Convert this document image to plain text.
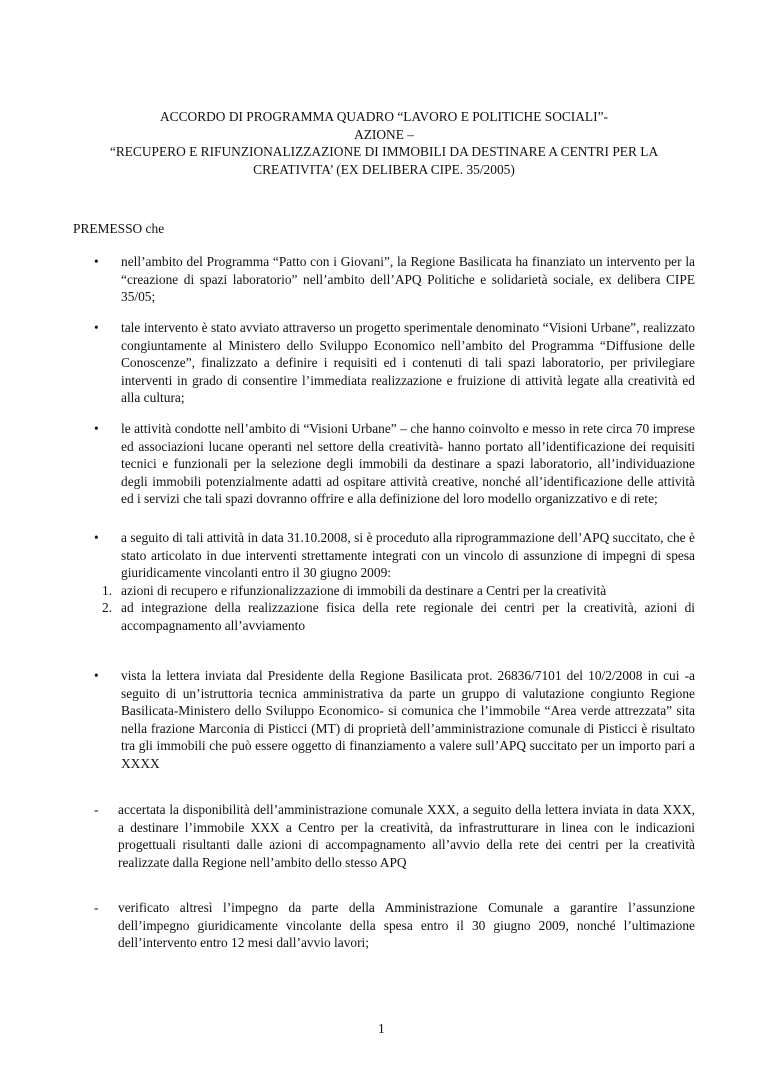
ACCORDO DI PROGRAMMA QUADRO “LAVORO E POLITICHE SOCIALI”-
AZIONE –
“RECUPERO E RIFUNZIONALIZZAZIONE DI IMMOBILI DA DESTINARE A CENTRI PER LA
CREATIVITA’ (EX DELIBERA CIPE. 35/2005)
PREMESSO che
• nell’ambito del Programma “Patto con i Giovani”, la Regione Basilicata ha finanziato un intervento per la “creazione di spazi laboratorio” nell’ambito dell’APQ Politiche e solidarietà sociale, ex delibera CIPE 35/05;
• tale intervento è stato avviato attraverso un progetto sperimentale denominato “Visioni Urbane”, realizzato congiuntamente al Ministero dello Sviluppo Economico nell’ambito del Programma “Diffusione delle Conoscenze”, finalizzato a definire i requisiti ed i contenuti di tali spazi laboratorio, per privilegiare interventi in grado di consentire l’immediata realizzazione e fruizione di attività legate alla creatività ed alla cultura;
• le attività condotte nell’ambito di “Visioni Urbane” – che hanno coinvolto e messo in rete circa 70 imprese ed associazioni lucane operanti nel settore della creatività- hanno portato all’identificazione dei requisiti tecnici e funzionali per la selezione degli immobili da destinare a spazi laboratorio, all’individuazione degli immobili potenzialmente adatti ad ospitare attività creative, nonché all’identificazione delle attività ed i servizi che tali spazi dovranno offrire e alla definizione del loro modello organizzativo e di rete;
• a seguito di tali attività in data 31.10.2008, si è proceduto alla riprogrammazione dell’APQ succitato, che è stato articolato in due interventi strettamente integrati con un vincolo di assunzione di impegni di spesa giuridicamente vincolanti entro il 30 giugno 2009:
1. azioni di recupero e rifunzionalizzazione di immobili da destinare a Centri per la creatività
2. ad integrazione della realizzazione fisica della rete regionale dei centri per la creatività, azioni di accompagnamento all’avviamento
• vista la lettera inviata dal Presidente della Regione Basilicata prot. 26836/7101 del 10/2/2008 in cui -a seguito di un’istruttoria tecnica amministrativa da parte un gruppo di valutazione congiunto Regione Basilicata-Ministero dello Sviluppo Economico- si comunica che l’immobile “Area verde attrezzata” sita nella frazione Marconia di Pisticci (MT) di proprietà dell’amministrazione comunale di Pisticci è risultato tra gli immobili che può essere oggetto di finanziamento a valere sull’APQ succitato per un importo pari a XXXX
- accertata la disponibilità dell’amministrazione comunale XXX, a seguito della lettera inviata in data XXX, a destinare l’immobile XXX a Centro per la creatività, da infrastrutturare in linea con le indicazioni progettuali risultanti dalle azioni di accompagnamento all’avvio della rete dei centri per la creatività realizzate dalla Regione nell’ambito dello stesso APQ
- verificato altresì l’impegno da parte della Amministrazione Comunale a garantire l’assunzione dell’impegno giuridicamente vincolante della spesa entro il 30 giugno 2009, nonché l’ultimazione dell’intervento entro 12 mesi dall’avvio lavori;
1
